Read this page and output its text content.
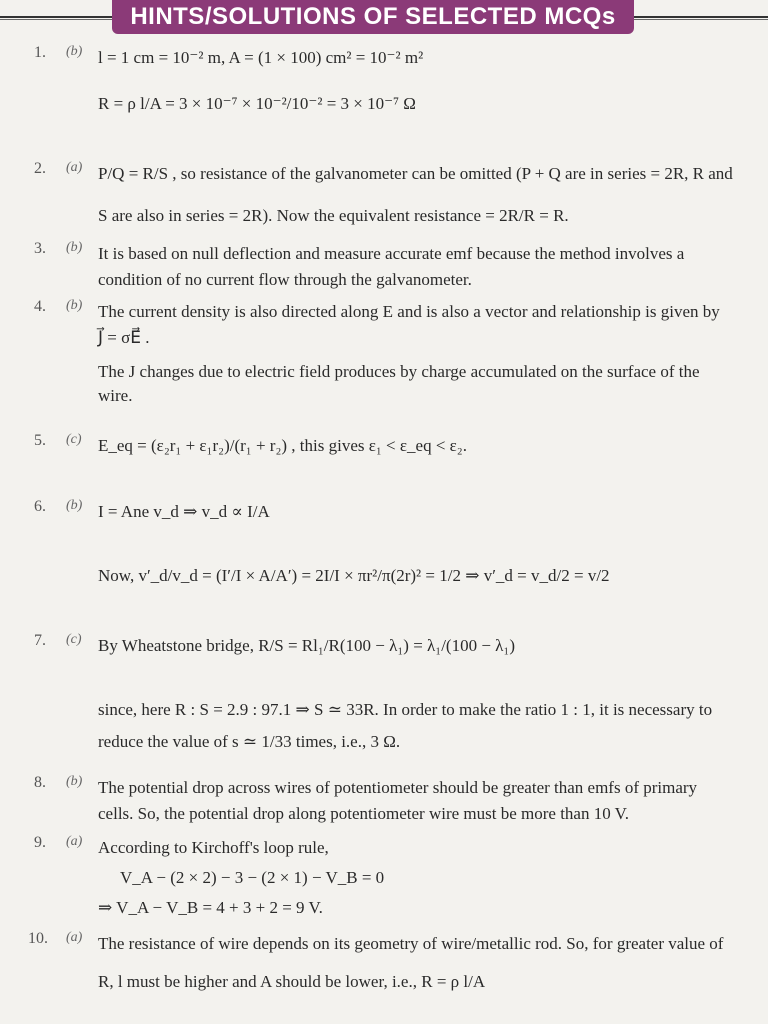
HINTS/SOLUTIONS OF SELECTED MCQs
1. (b) l = 1 cm = 10⁻² m, A = (1 × 100) cm² = 10⁻² m²
R = ρ l/A = 3 × 10⁻⁷ × 10⁻²/10⁻² = 3 × 10⁻⁷ Ω
2. (a) P/Q = R/S , so resistance of the galvanometer can be omitted (P + Q are in series = 2R, R and
S are also in series = 2R). Now the equivalent resistance = 2R/R = R.
3. (b) It is based on null deflection and measure accurate emf because the method involves a
condition of no current flow through the galvanometer.
4. (b) The current density is also directed along E and is also a vector and relationship is given by
J⃗ = σE⃗ .
The J changes due to electric field produces by charge accumulated on the surface of the
wire.
5. (c) E_eq = (ε₂r₁ + ε₁r₂)/(r₁ + r₂) , this gives ε₁ < ε_eq < ε₂.
6. (b) I = Ane v_d ⇒ v_d ∝ I/A
Now, v′_d/v_d = (I′/I × A/A′) = 2I/I × πr²/π(2r)² = 1/2 ⇒ v′_d = v_d/2 = v/2
7. (c) By Wheatstone bridge, R/S = Rl₁/R(100 − λ₁) = λ₁/(100 − λ₁)
since, here R : S = 2.9 : 97.1 ⇒ S ≃ 33R. In order to make the ratio 1 : 1, it is necessary to
reduce the value of s ≃ 1/33 times, i.e., 3 Ω.
8. (b) The potential drop across wires of potentiometer should be greater than emfs of primary
cells. So, the potential drop along potentiometer wire must be more than 10 V.
9. (a) According to Kirchoff's loop rule,
V_A − (2 × 2) − 3 − (2 × 1) − V_B = 0
⇒ V_A − V_B = 4 + 3 + 2 = 9 V.
10. (a) The resistance of wire depends on its geometry of wire/metallic rod. So, for greater value of
R, l must be higher and A should be lower, i.e., R = ρ l/A
